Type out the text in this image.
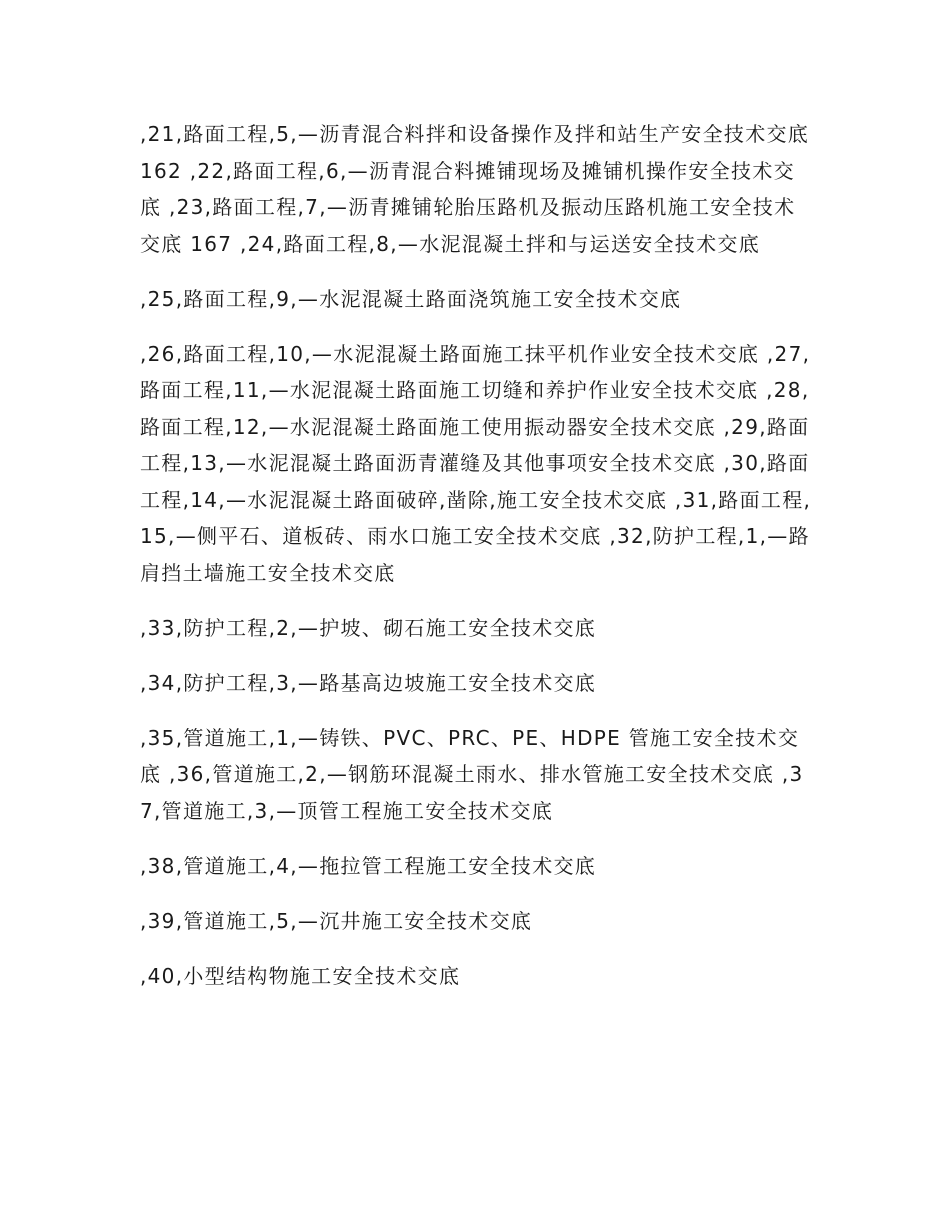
,21,路面工程,5,—沥青混合料拌和设备操作及拌和站生产安全技术交底 162 ,22,路面工程,6,—沥青混合料摊铺现场及摊铺机操作安全技术交底 ,23,路面工程,7,—沥青摊铺轮胎压路机及振动压路机施工安全技术交底 167 ,24,路面工程,8,—水泥混凝土拌和与运送安全技术交底

,25,路面工程,9,—水泥混凝土路面浇筑施工安全技术交底

,26,路面工程,10,—水泥混凝土路面施工抹平机作业安全技术交底 ,27,路面工程,11,—水泥混凝土路面施工切缝和养护作业安全技术交底 ,28,路面工程,12,—水泥混凝土路面施工使用振动器安全技术交底 ,29,路面工程,13,—水泥混凝土路面沥青灌缝及其他事项安全技术交底 ,30,路面工程,14,—水泥混凝土路面破碎,凿除,施工安全技术交底 ,31,路面工程,15,—侧平石、道板砖、雨水口施工安全技术交底 ,32,防护工程,1,—路肩挡土墙施工安全技术交底

,33,防护工程,2,—护坡、砌石施工安全技术交底

,34,防护工程,3,—路基高边坡施工安全技术交底

,35,管道施工,1,—铸铁、PVC、PRC、PE、HDPE 管施工安全技术交底 ,36,管道施工,2,—钢筋环混凝土雨水、排水管施工安全技术交底 ,37,管道施工,3,—顶管工程施工安全技术交底

,38,管道施工,4,—拖拉管工程施工安全技术交底

,39,管道施工,5,—沉井施工安全技术交底

,40,小型结构物施工安全技术交底
